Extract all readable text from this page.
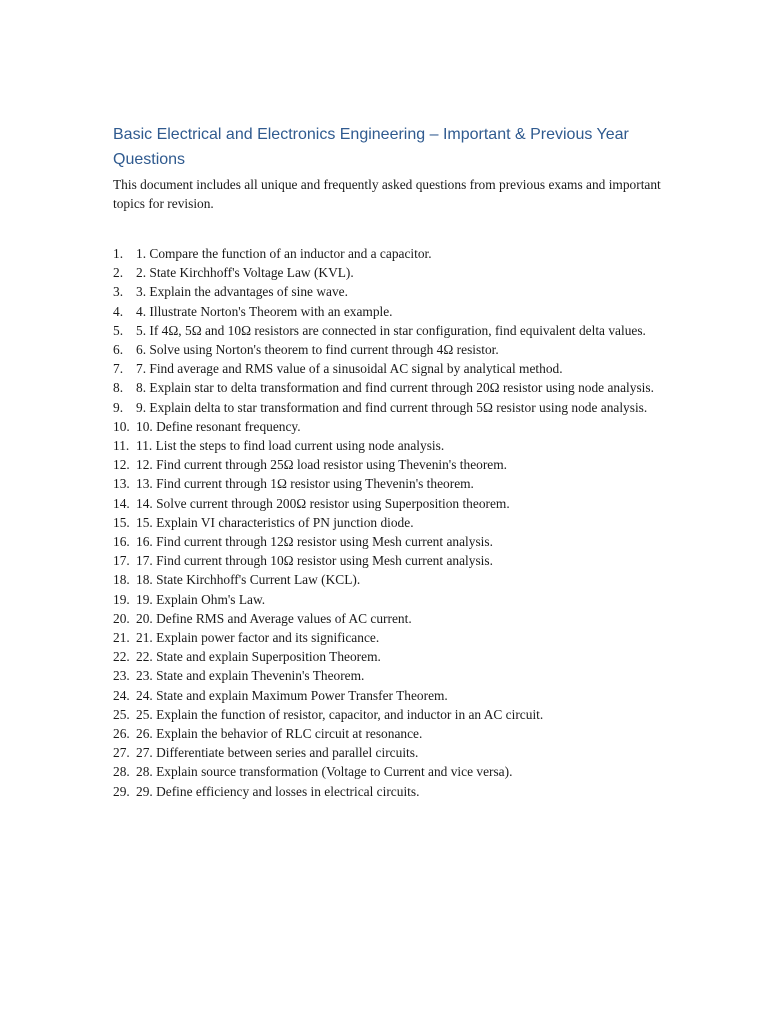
Basic Electrical and Electronics Engineering – Important & Previous Year Questions

This document includes all unique and frequently asked questions from previous exams and important topics for revision.

1. 1. Compare the function of an inductor and a capacitor.
2. 2. State Kirchhoff's Voltage Law (KVL).
3. 3. Explain the advantages of sine wave.
4. 4. Illustrate Norton's Theorem with an example.
5. 5. If 4Ω, 5Ω and 10Ω resistors are connected in star configuration, find equivalent delta values.
6. 6. Solve using Norton's theorem to find current through 4Ω resistor.
7. 7. Find average and RMS value of a sinusoidal AC signal by analytical method.
8. 8. Explain star to delta transformation and find current through 20Ω resistor using node analysis.
9. 9. Explain delta to star transformation and find current through 5Ω resistor using node analysis.
10. 10. Define resonant frequency.
11. 11. List the steps to find load current using node analysis.
12. 12. Find current through 25Ω load resistor using Thevenin's theorem.
13. 13. Find current through 1Ω resistor using Thevenin's theorem.
14. 14. Solve current through 200Ω resistor using Superposition theorem.
15. 15. Explain VI characteristics of PN junction diode.
16. 16. Find current through 12Ω resistor using Mesh current analysis.
17. 17. Find current through 10Ω resistor using Mesh current analysis.
18. 18. State Kirchhoff's Current Law (KCL).
19. 19. Explain Ohm's Law.
20. 20. Define RMS and Average values of AC current.
21. 21. Explain power factor and its significance.
22. 22. State and explain Superposition Theorem.
23. 23. State and explain Thevenin's Theorem.
24. 24. State and explain Maximum Power Transfer Theorem.
25. 25. Explain the function of resistor, capacitor, and inductor in an AC circuit.
26. 26. Explain the behavior of RLC circuit at resonance.
27. 27. Differentiate between series and parallel circuits.
28. 28. Explain source transformation (Voltage to Current and vice versa).
29. 29. Define efficiency and losses in electrical circuits.
